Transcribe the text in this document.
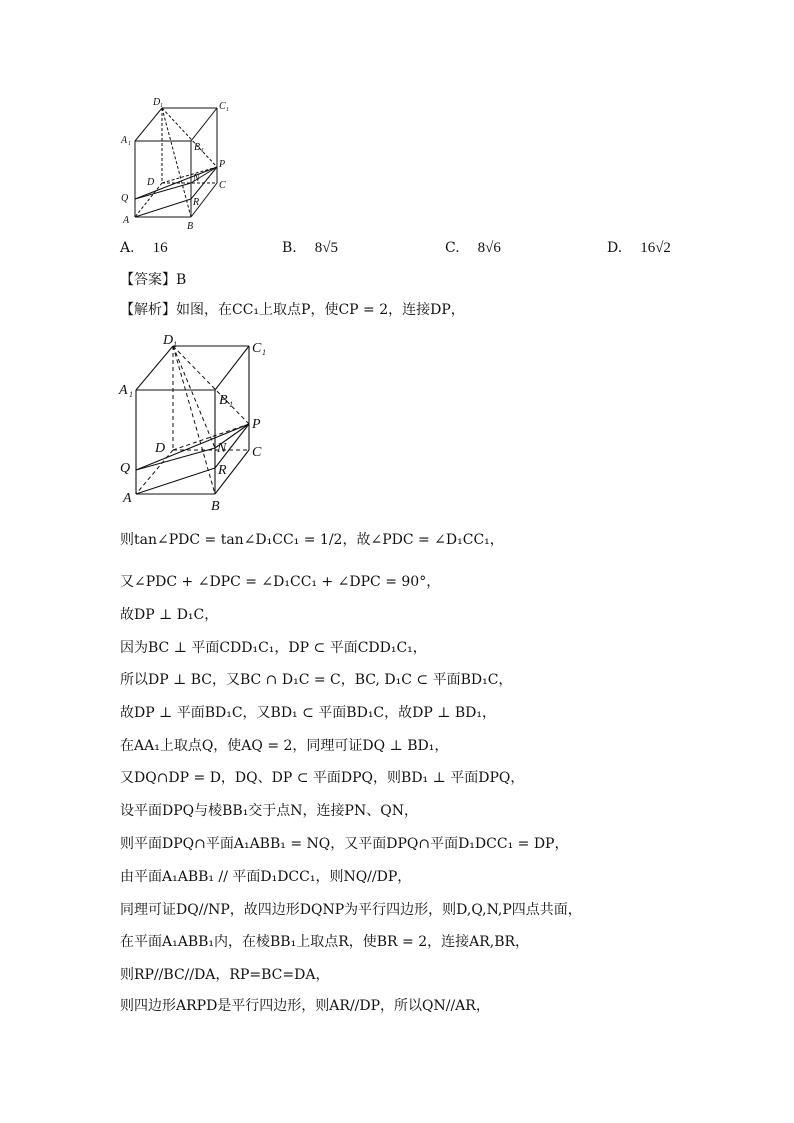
D 1	C 1
A 1	B 1
P
Q
D	N
C
R
A
B
A. 16	B. 8√5	C. 8√6	D. 16√2
【答案】B
【解析】如图，在CC₁上取点P，使CP = 2，连接DP，
D 1	C 1
A 1	B 1
P
Q
D	N C
R
A
B
则tan∠PDC = tan∠D₁CC₁ = 1/2，故∠PDC = ∠D₁CC₁，
又∠PDC + ∠DPC = ∠D₁CC₁ + ∠DPC = 90°，
故DP ⊥ D₁C，
因为BC ⊥ 平面CDD₁C₁，DP ⊂ 平面CDD₁C₁，
所以DP ⊥ BC，又BC ∩ D₁C = C，BC, D₁C ⊂ 平面BD₁C，
故DP ⊥ 平面BD₁C，又BD₁ ⊂ 平面BD₁C，故DP ⊥ BD₁，
在AA₁上取点Q，使AQ = 2，同理可证DQ ⊥ BD₁，
又DQ∩DP = D，DQ、DP ⊂ 平面DPQ，则BD₁ ⊥ 平面DPQ，
设平面DPQ与棱BB₁交于点N，连接PN、QN，
则平面DPQ∩平面A₁ABB₁ = NQ，又平面DPQ∩平面D₁DCC₁ = DP，
由平面A₁ABB₁ // 平面D₁DCC₁，则NQ//DP，
同理可证DQ//NP，故四边形DQNP为平行四边形，则D,Q,N,P四点共面，
在平面A₁ABB₁内，在棱BB₁上取点R，使BR = 2，连接AR,BR，
则RP//BC//DA，RP=BC=DA，
则四边形ARPD是平行四边形，则AR//DP，所以QN//AR，
